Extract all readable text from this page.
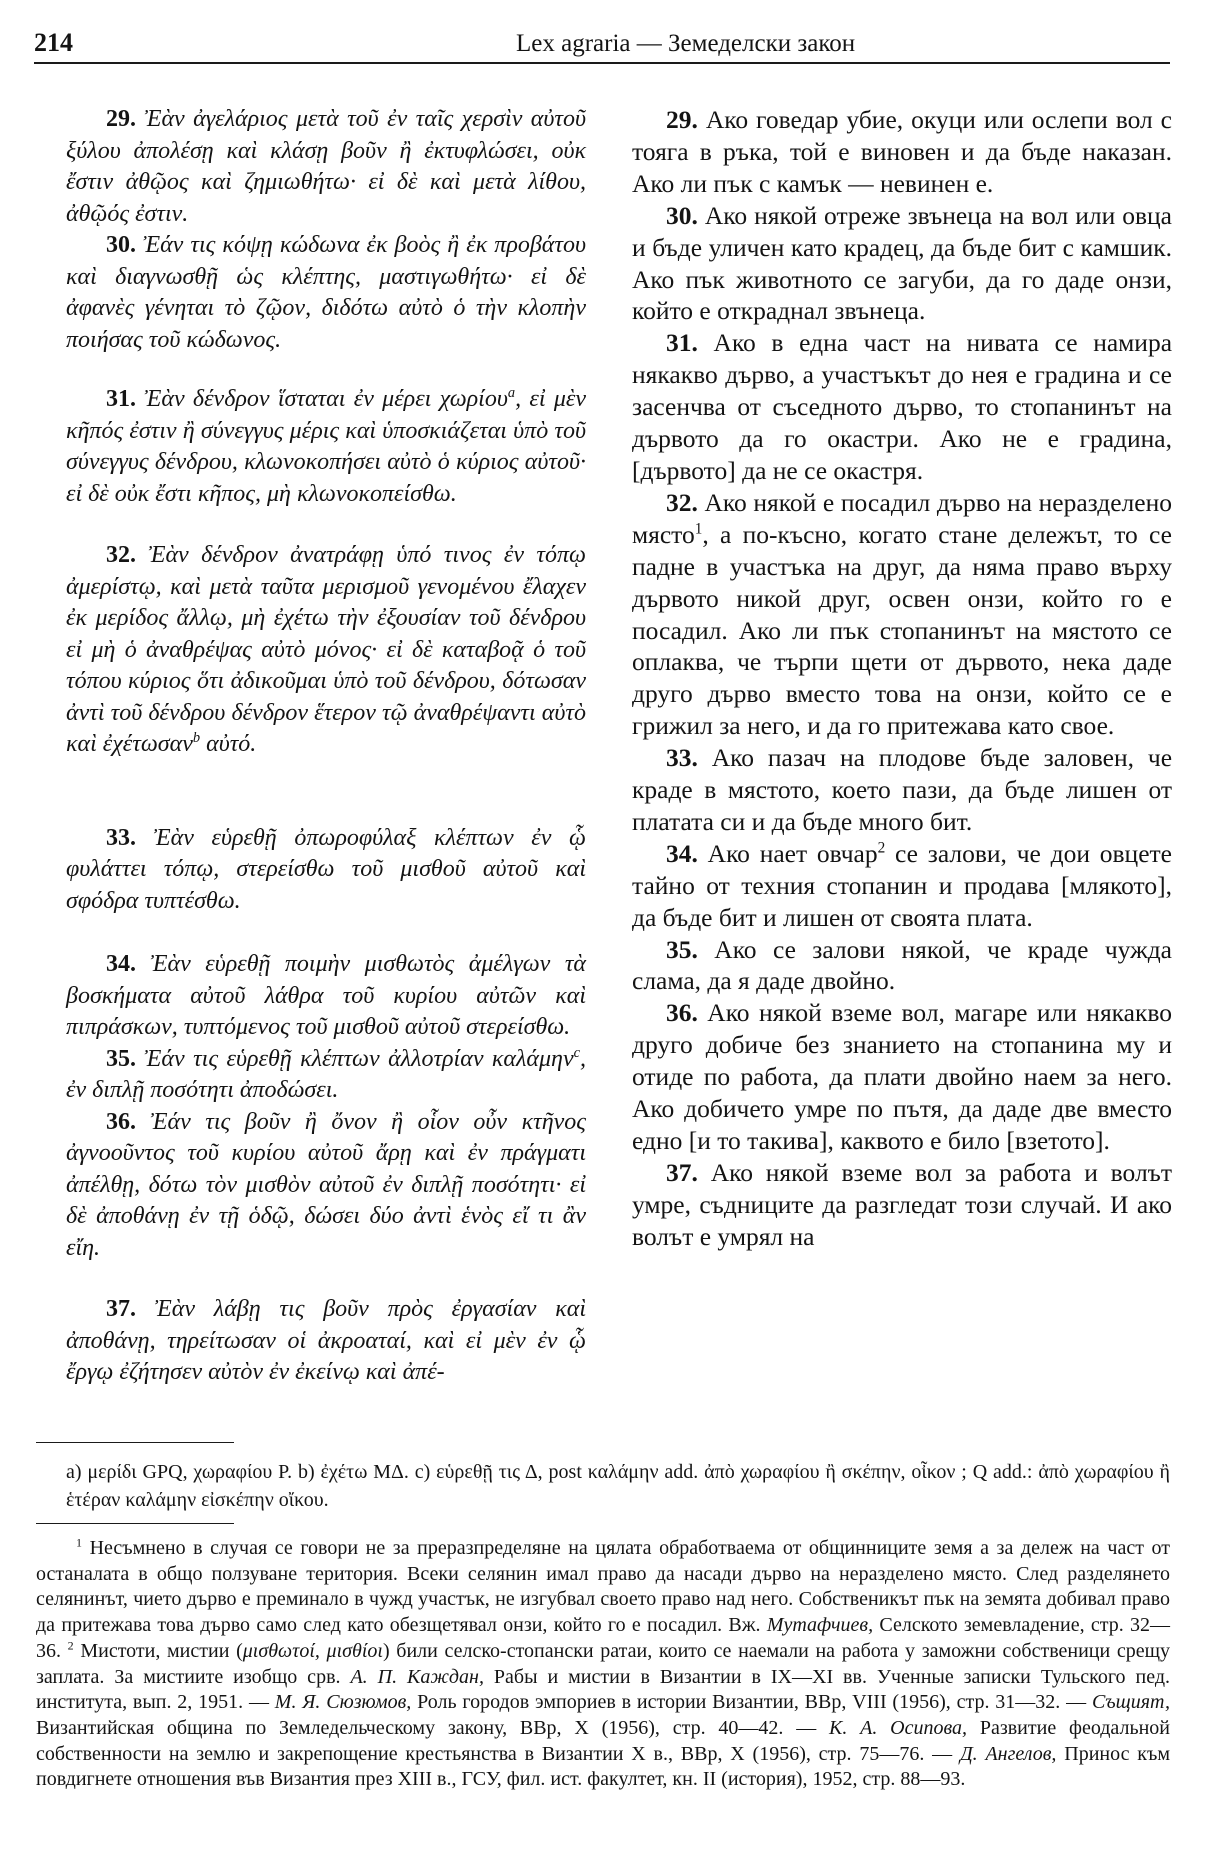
214	Lex agraria — Земеделски закон

29. Ἐὰν ἀγελάριος μετὰ τοῦ ἐν ταῖς χερσὶν αὐτοῦ ξύλου ἀπολέσῃ καὶ κλάσῃ βοῦν ἢ ἐκτυφλώσει, οὐκ ἔστιν ἀθῷος καὶ ζημιωθήτω· εἰ δὲ καὶ μετὰ λίθου, ἀθῷός ἐστιν.

30. Ἐάν τις κόψῃ κώδωνα ἐκ βοὸς ἢ ἐκ προβάτου καὶ διαγνωσθῇ ὡς κλέπτης, μαστιγωθήτω· εἰ δὲ ἀφανὲς γένηται τὸ ζῷον, διδότω αὐτὸ ὁ τὴν κλοπὴν ποιήσας τοῦ κώδωνος.

31. Ἐὰν δένδρον ἵσταται ἐν μέρει χωρίου$^a$, εἰ μὲν κῆπός ἐστιν ἢ σύνεγγυς μέρις καὶ ὑποσκιάζεται ὑπὸ τοῦ σύνεγγυς δένδρου, κλωνοκοπήσει αὐτὸ ὁ κύριος αὐτοῦ· εἰ δὲ οὐκ ἔστι κῆπος, μὴ κλωνοκοπείσθω.

32. Ἐὰν δένδρον ἀνατράφῃ ὑπό τινος ἐν τόπῳ ἀμερίστῳ, καὶ μετὰ ταῦτα μερισμοῦ γενομένου ἔλαχεν ἐκ μερίδος ἄλλῳ, μὴ ἐχέτω τὴν ἐξουσίαν τοῦ δένδρου εἰ μὴ ὁ ἀναθρέψας αὐτὸ μόνος· εἰ δὲ καταβοᾷ ὁ τοῦ τόπου κύριος ὅτι ἀδικοῦμαι ὑπὸ τοῦ δένδρου, δότωσαν ἀντὶ τοῦ δένδρου δένδρον ἕτερον τῷ ἀναθρέψαντι αὐτὸ καὶ ἐχέτωσαν$^b$ αὐτό.

33. Ἐὰν εὑρεθῇ ὀπωροφύλαξ κλέπτων ἐν ᾧ φυλάττει τόπῳ, στερείσθω τοῦ μισθοῦ αὐτοῦ καὶ σφόδρα τυπτέσθω.

34. Ἐὰν εὑρεθῇ ποιμὴν μισθωτὸς ἀμέλγων τὰ βοσκήματα αὐτοῦ λάθρα τοῦ κυρίου αὐτῶν καὶ πιπράσκων, τυπτόμενος τοῦ μισθοῦ αὐτοῦ στερείσθω.

35. Ἐάν τις εὑρεθῇ κλέπτων ἀλλοτρίαν καλάμην$^c$, ἐν διπλῇ ποσότητι ἀποδώσει.

36. Ἐάν τις βοῦν ἢ ὄνον ἢ οἷον οὖν κτῆνος ἀγνοοῦντος τοῦ κυρίου αὐτοῦ ἄρῃ καὶ ἐν πράγματι ἀπέλθῃ, δότω τὸν μισθὸν αὐτοῦ ἐν διπλῇ ποσότητι· εἰ δὲ ἀποθάνῃ ἐν τῇ ὁδῷ, δώσει δύο ἀντὶ ἑνὸς εἴ τι ἂν εἴη.

37. Ἐὰν λάβῃ τις βοῦν πρὸς ἐργασίαν καὶ ἀποθάνῃ, τηρείτωσαν οἱ ἀκροαταί, καὶ εἰ μὲν ἐν ᾧ ἔργῳ ἐζήτησεν αὐτὸν ἐν ἐκείνῳ καὶ ἀπέ-

29. Ако говедар убие, окуци или ослепи вол с тояга в ръка, той е виновен и да бъде наказан. Ако ли пък с камък — невинен е.

30. Ако някой отреже звънеца на вол или овца и бъде уличен като крадец, да бъде бит с камшик. Ако пък животното се загуби, да го даде онзи, който е откраднал звънеца.

31. Ако в една част на нивата се намира някакво дърво, а участъкът до нея е градина и се засенчва от съседното дърво, то стопанинът на дървото да го окастри. Ако не е градина, [дървото] да не се окастря.

32. Ако някой е посадил дърво на неразделено място$^1$, а по-късно, когато стане дележът, то се падне в участъка на друг, да няма право върху дървото никой друг, освен онзи, който го е посадил. Ако ли пък стопанинът на мястото се оплаква, че търпи щети от дървото, нека даде друго дърво вместо това на онзи, който се е грижил за него, и да го притежава като свое.

33. Ако пазач на плодове бъде заловен, че краде в мястото, което пази, да бъде лишен от платата си и да бъде много бит.

34. Ако наeт овчар$^2$ се залови, че дои овцете тайно от техния стопанин и продава [млякото], да бъде бит и лишен от своята плата.

35. Ако се залови някой, че краде чужда слама, да я даде двойно.

36. Ако някой вземе вол, магаре или някакво друго добиче без знанието на стопанина му и отиде по работа, да плати двойно наем за него. Ако добичето умре по пътя, да даде две вместо едно [и то такива], каквото е било [взетото].

37. Ако някой вземе вол за работа и волът умре, съдниците да разгледат този случай. И ако волът е умрял на

a) μερίδι GPQ, χωραφίου P. b) ἐχέτω MΔ. c) εὑρεθῇ τις Δ, post καλάμην add. ἀπὸ χωραφίου ἢ σκέπην, οἶκον ; Q add.: ἀπὸ χωραφίου ἢ ἑτέραν καλάμην εἰσκέπην οἴκου.
$^1$ Несъмнено в случая се говори не за преразпределяне на цялата обработваемa от общинниците земя а за дележ на част от останалата в общо ползуване територия. Всеки селянин имал право да насади дърво на неразделено място. След разделянето селянинът, чието дърво е преминало в чужд участък, не изгубвал своето право над него. Собственикът пък на земята добивал право да притежава това дърво само след като обезщетявал онзи, който го е посадил. Вж. Мутафчиев, Селското земевладение, стр. 32—36. $^2$ Мистоти, мистии (μισθωτοί, μισθίοι) били селско-стопански ратаи, които се наемали на работа у заможни собственици срещу заплата. За мистиите изобщо срв. А. П. Каждан, Рабы и мистии в Византии в IX—XI вв. Ученные записки Тульского пед. института, вып. 2, 1951. — М. Я. Сюзюмов, Роль городов эмпориев в истории Византии, ВВр, VIII (1956), стр. 31—32. — Същият, Византийская община по Земледельческому закону, ВВр, X (1956), стр. 40—42. — К. А. Осипова, Развитие феодальной собственности на землю и закрепощение крестьянства в Византии X в., ВВр, X (1956), стр. 75—76. — Д. Ангелов, Принос към повдигнете отношения във Византия през XIII в., ГСУ, фил. ист. факултет, кн. II (история), 1952, стр. 88—93.
